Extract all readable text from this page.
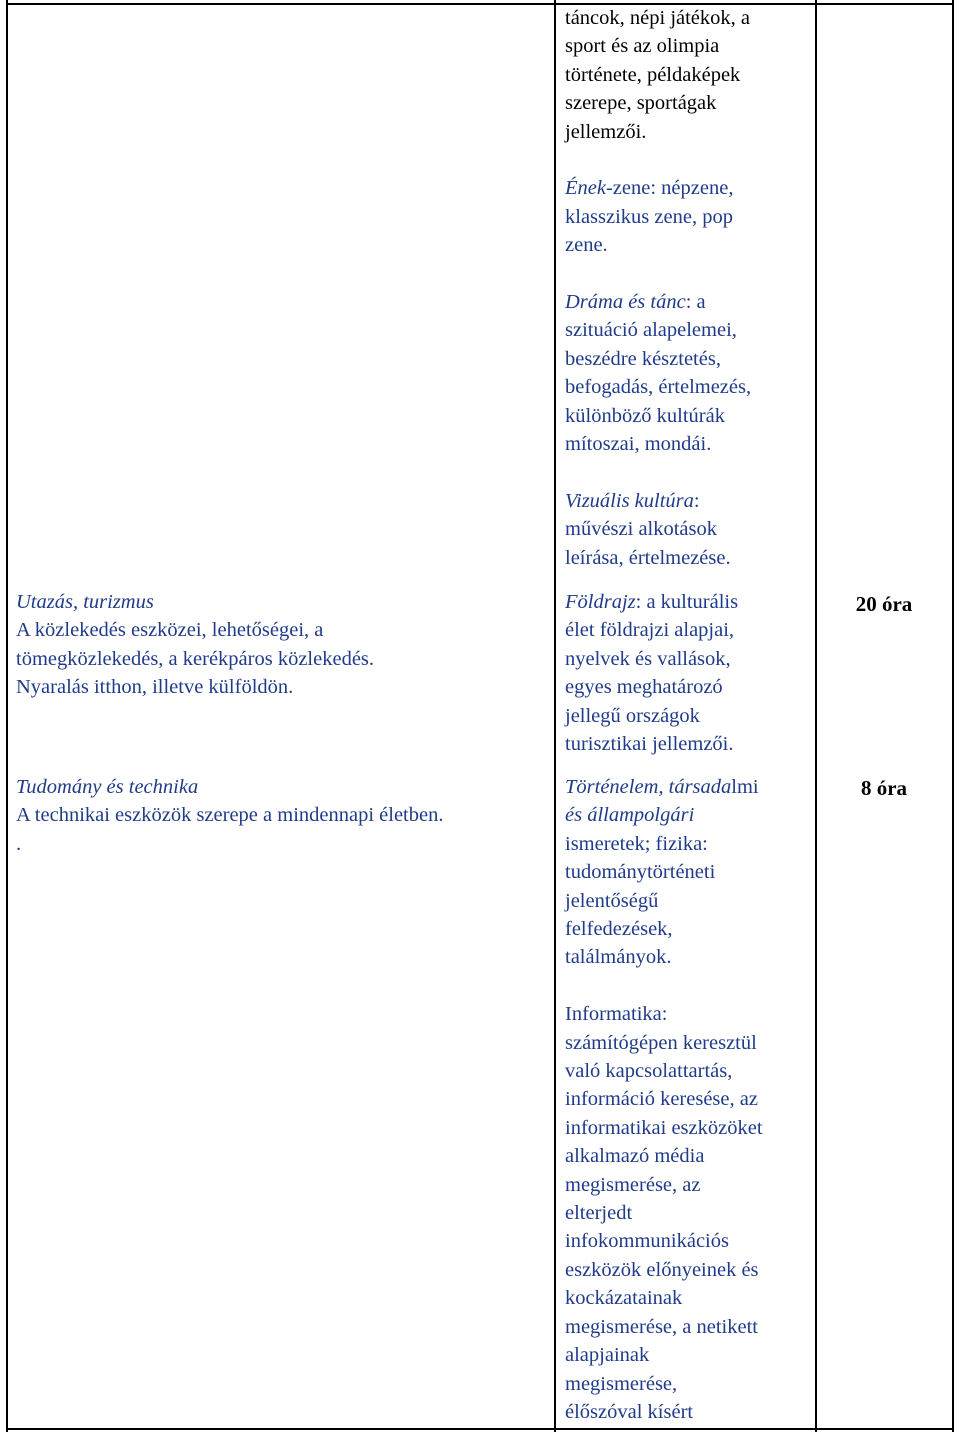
táncok, népi játékok, a

sport és az olimpia

története, példaképek

szerepe, sportágak

jellemzői.

Ének-zene: népzene,

klasszikus zene, pop

zene.

Dráma és tánc: a

szituáció alapelemei,

beszédre késztetés,

befogadás, értelmezés,

különböző kultúrák

mítoszai, mondái.

Vizuális kultúra:

művészi alkotások

leírása, értelmezése.

Utazás, turizmus

A közlekedés eszközei, lehetőségei, a

tömegközlekedés, a kerékpáros közlekedés.

Nyaralás itthon, illetve külföldön.

Földrajz: a kulturális

élet földrajzi alapjai,

nyelvek és vallások,

egyes meghatározó

jellegű országok

turisztikai jellemzői.

20 óra

Tudomány és technika

A technikai eszközök szerepe a mindennapi életben.

.

Történelem, társadalmi

és állampolgári

ismeretek; fizika:

tudománytörténeti

jelentőségű

felfedezések,

találmányok.

Informatika:

számítógépen keresztül

való kapcsolattartás,

információ keresése, az

informatikai eszközöket

alkalmazó média

megismerése, az

elterjedt

infokommunikációs

eszközök előnyeinek és

kockázatainak

megismerése, a netikett

alapjainak

megismerése,

élőszóval kísért

8 óra
